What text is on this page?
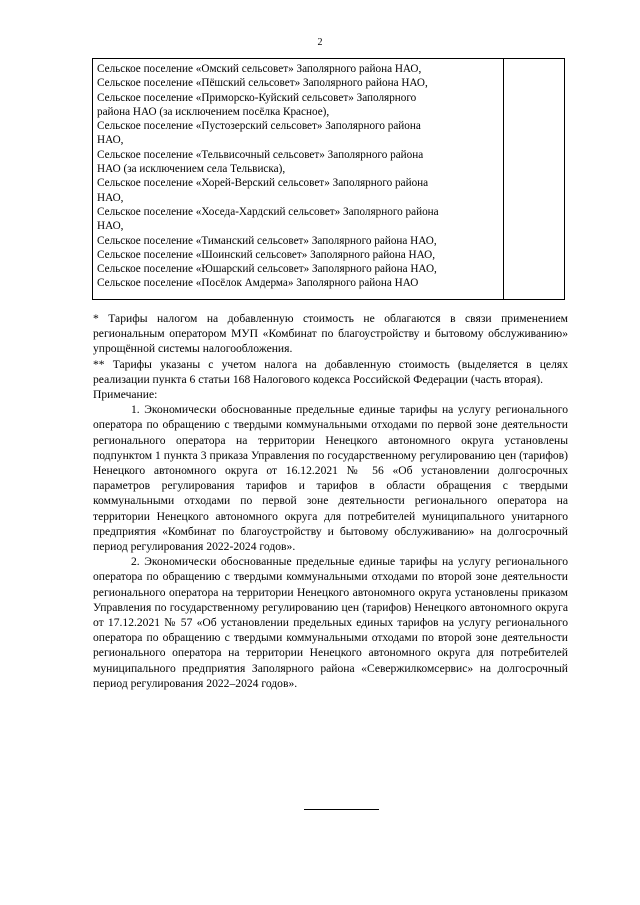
2
Сельское поселение «Омский сельсовет» Заполярного района НАО,
Сельское поселение «Пёшский сельсовет» Заполярного района НАО,
Сельское поселение «Приморско-Куйский сельсовет» Заполярного
района НАО (за исключением посёлка Красное),
Сельское поселение «Пустозерский сельсовет» Заполярного района
НАО,
Сельское поселение «Тельвисочный сельсовет» Заполярного района
НАО (за исключением села Тельвиска),
Сельское поселение «Хорей-Верский сельсовет» Заполярного района
НАО,
Сельское поселение «Хоседа-Хардский сельсовет» Заполярного района
НАО,
Сельское поселение «Тиманский сельсовет» Заполярного района НАО,
Сельское поселение «Шоинский сельсовет» Заполярного района НАО,
Сельское поселение «Юшарский сельсовет» Заполярного района НАО,
Сельское поселение «Посёлок Амдерма» Заполярного района НАО

* Тарифы налогом на добавленную стоимость не облагаются в связи применением региональным оператором МУП «Комбинат по благоустройству и бытовому обслуживанию» упрощённой системы налогообложения.

** Тарифы указаны с учетом налога на добавленную стоимость (выделяется в целях реализации пункта 6 статьи 168 Налогового кодекса Российской Федерации (часть вторая).

Примечание:

1. Экономически обоснованные предельные единые тарифы на услугу регионального оператора по обращению с твердыми коммунальными отходами по первой зоне деятельности регионального оператора на территории Ненецкого автономного округа установлены подпунктом 1 пункта 3 приказа Управления по государственному регулированию цен (тарифов) Ненецкого автономного округа от 16.12.2021 № 56 «Об установлении долгосрочных параметров регулирования тарифов и тарифов в области обращения с твердыми коммунальными отходами по первой зоне деятельности регионального оператора на территории Ненецкого автономного округа для потребителей муниципального унитарного предприятия «Комбинат по благоустройству и бытовому обслуживанию» на долгосрочный период регулирования 2022-2024 годов».

2. Экономически обоснованные предельные единые тарифы на услугу регионального оператора по обращению с твердыми коммунальными отходами по второй зоне деятельности регионального оператора на территории Ненецкого автономного округа установлены приказом Управления по государственному регулированию цен (тарифов) Ненецкого автономного округа от 17.12.2021 № 57 «Об установлении предельных единых тарифов на услугу регионального оператора по обращению с твердыми коммунальными отходами по второй зоне деятельности регионального оператора на территории Ненецкого автономного округа для потребителей муниципального предприятия Заполярного района «Севержилкомсервис» на долгосрочный период регулирования 2022–2024 годов».
